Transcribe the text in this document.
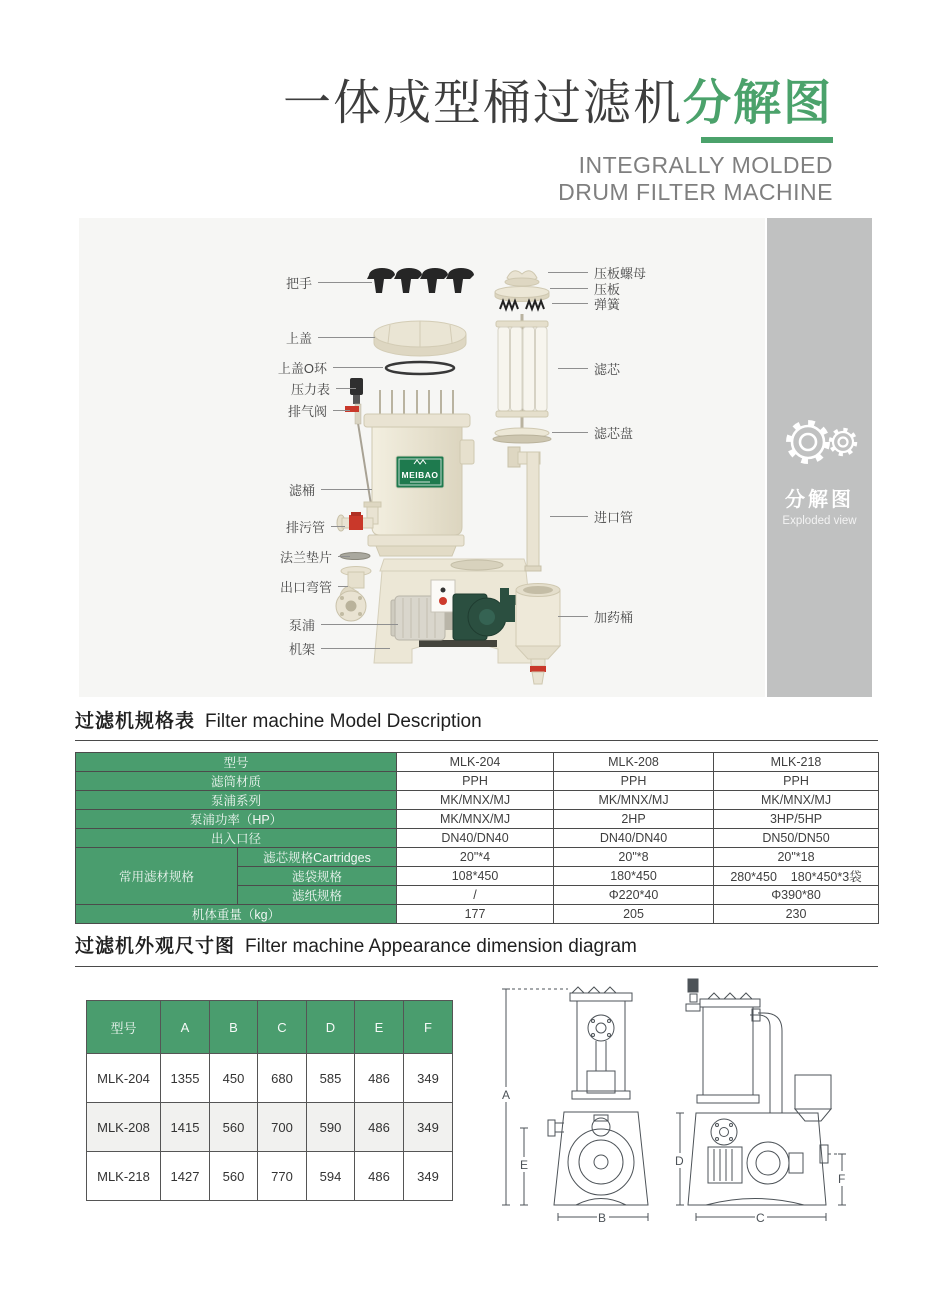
一体成型桶过滤机分解图
INTEGRALLY MOLDED
DRUM FILTER MACHINE
MEIBAO
把手
上盖
上盖O环
压力表
排气阀
滤桶
排污管
法兰垫片
出口弯管
泵浦
机架
压板螺母
压板
弹簧
滤芯
滤芯盘
进口管
加药桶
分解图
Exploded view
过滤机规格表 Filter machine Model Description
型号		MLK-204	MLK-208	MLK-218
滤筒材质		PPH	PPH	PPH
泵浦系列		MK/MNX/MJ	MK/MNX/MJ	MK/MNX/MJ
泵浦功率（HP）		MK/MNX/MJ	2HP	3HP/5HP
出入口径		DN40/DN40	DN40/DN40	DN50/DN50
常用滤材规格	滤芯规格Cartridges	20"*4	20"*8	20"*18
	滤袋规格	108*450	180*450	280*450    180*450*3袋
	滤纸规格	/	Φ220*40	Φ390*80
机体重量（kg）		177	205	230
过滤机外观尺寸图 Filter machine Appearance dimension diagram
型号	A	B	C	D	E	F
MLK-204	1355	450	680	585	486	349
MLK-208	1415	560	700	590	486	349
MLK-218	1427	560	770	594	486	349
A
E
B
D
C
F
